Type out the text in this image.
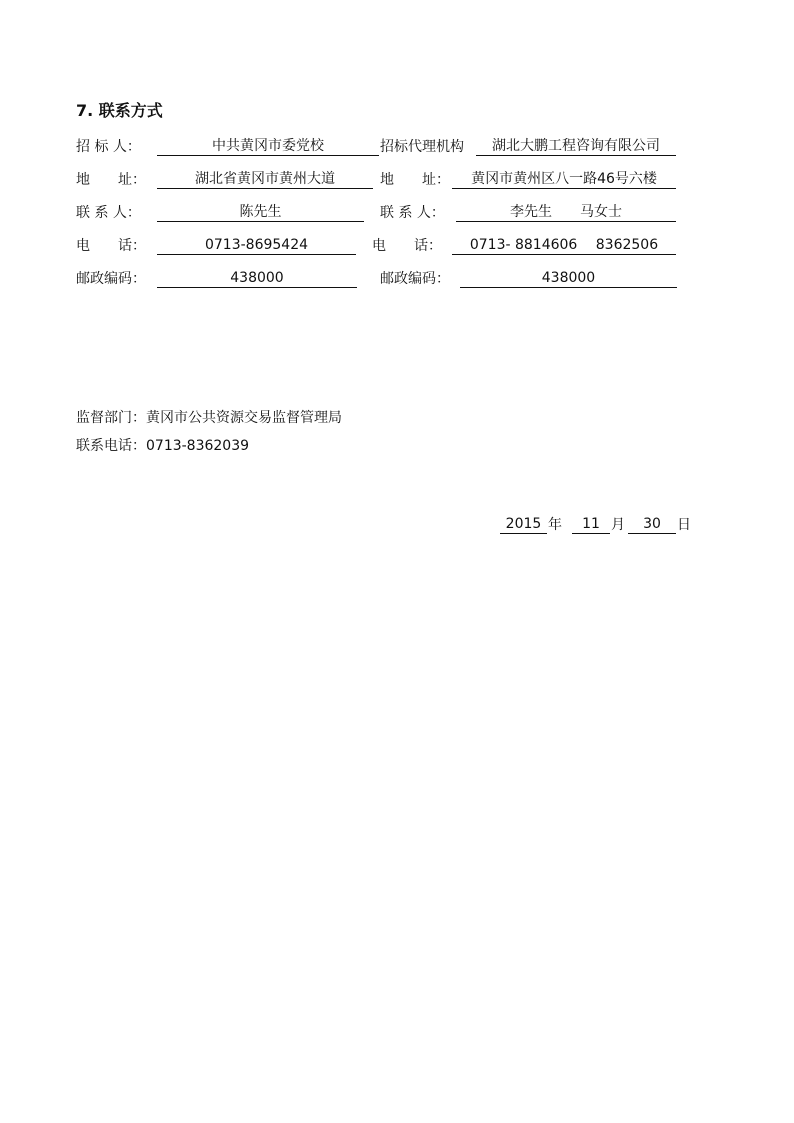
7. 联系方式
招 标 人：	中共黄冈市委党校	招标代理机构	湖北大鹏工程咨询有限公司
地　　址：	湖北省黄冈市黄州大道	地　　址：	黄冈市黄州区八一路46号六楼
联 系 人：	陈先生	联 系 人：	李先生　　马女士
电　　话：	0713-8695424	电　　话：	0713- 8814606　 8362506
邮政编码：	438000	邮政编码：	438000
监督部门：黄冈市公共资源交易监督管理局
联系电话：0713-8362039
2015 年	11 月	30	日
